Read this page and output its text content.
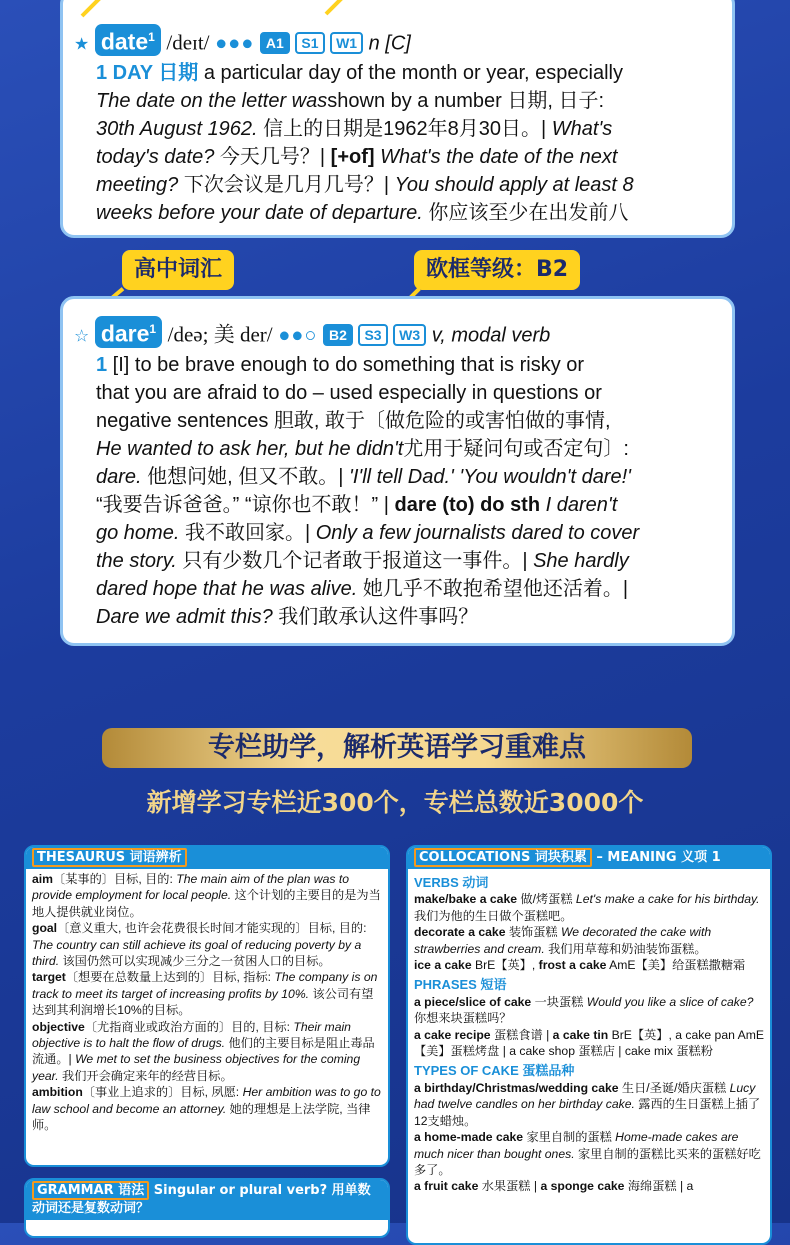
★ date$^1$ /deɪt/ ●●● A1 S1 W1 n [C]
1 DAY 日期 a particular day of the month or year, especially
The date on the letter wasshown by a number 日期, 日子:
30th August 1962. 信上的日期是1962年8月30日。| What's
today's date? 今天几号？| [+of] What's the date of the next
meeting? 下次会议是几月几号？| You should apply at least 8
weeks before your date of departure. 你应该至少在出发前八
高中词汇	欧框等级：B2
☆ dare$^1$ /deə; 美 der/ ●●○ B2 S3 W3 v, modal verb
1 [I] to be brave enough to do something that is risky or
that you are afraid to do – used especially in questions or
negative sentences 胆敢, 敢于〔做危险的或害怕做的事情,
He wanted to ask her, but he didn't尤用于疑问句或否定句〕:
dare. 他想问她, 但又不敢。| 'I'll tell Dad.' 'You wouldn't dare!'
“我要告诉爸爸。” “谅你也不敢！” | dare (to) do sth I daren't
go home. 我不敢回家。| Only a few journalists dared to cover
the story. 只有少数几个记者敢于报道这一事件。| She hardly
dared hope that he was alive. 她几乎不敢抱希望他还活着。|
Dare we admit this? 我们敢承认这件事吗？
专栏助学，解析英语学习重难点
新增学习专栏近300个，专栏总数近3000个
THESAURUS 词语辨析

aim〔某事的〕目标, 目的: The main aim of the plan was to provide employment for local people. 这个计划的主要目的是为当地人提供就业岗位。

goal〔意义重大, 也许会花费很长时间才能实现的〕目标, 目的: The country can still achieve its goal of reducing poverty by a third. 该国仍然可以实现减少三分之一贫困人口的目标。

target〔想要在总数量上达到的〕目标, 指标: The company is on track to meet its target of increasing profits by 10%. 该公司有望达到其利润增长10%的目标。

objective〔尤指商业或政治方面的〕目的, 目标: Their main objective is to halt the flow of drugs. 他们的主要目标是阻止毒品流通。| We met to set the business objectives for the coming year. 我们开会确定来年的经营目标。

ambition〔事业上追求的〕目标, 夙愿: Her ambition was to go to law school and become an attorney. 她的理想是上法学院, 当律师。

GRAMMAR 语法 Singular or plural verb? 用单数动词还是复数动词？
COLLOCATIONS 词块积累 – MEANING 义项 1
VERBS 动词

make/bake a cake 做/烤蛋糕 Let's make a cake for his birthday. 我们为他的生日做个蛋糕吧。

decorate a cake 装饰蛋糕 We decorated the cake with strawberries and cream. 我们用草莓和奶油装饰蛋糕。

ice a cake BrE【英】, frost a cake AmE【美】给蛋糕撒糖霜

PHRASES 短语

a piece/slice of cake 一块蛋糕 Would you like a slice of cake? 你想来块蛋糕吗？

a cake recipe 蛋糕食谱 | a cake tin BrE【英】, a cake pan AmE【美】蛋糕烤盘 | a cake shop 蛋糕店 | cake mix 蛋糕粉

TYPES OF CAKE 蛋糕品种

a birthday/Christmas/wedding cake 生日/圣诞/婚庆蛋糕 Lucy had twelve candles on her birthday cake. 露西的生日蛋糕上插了12支蜡烛。

a home-made cake 家里自制的蛋糕 Home-made cakes are much nicer than bought ones. 家里自制的蛋糕比买来的蛋糕好吃多了。

a fruit cake 水果蛋糕 | a sponge cake 海绵蛋糕 | a
